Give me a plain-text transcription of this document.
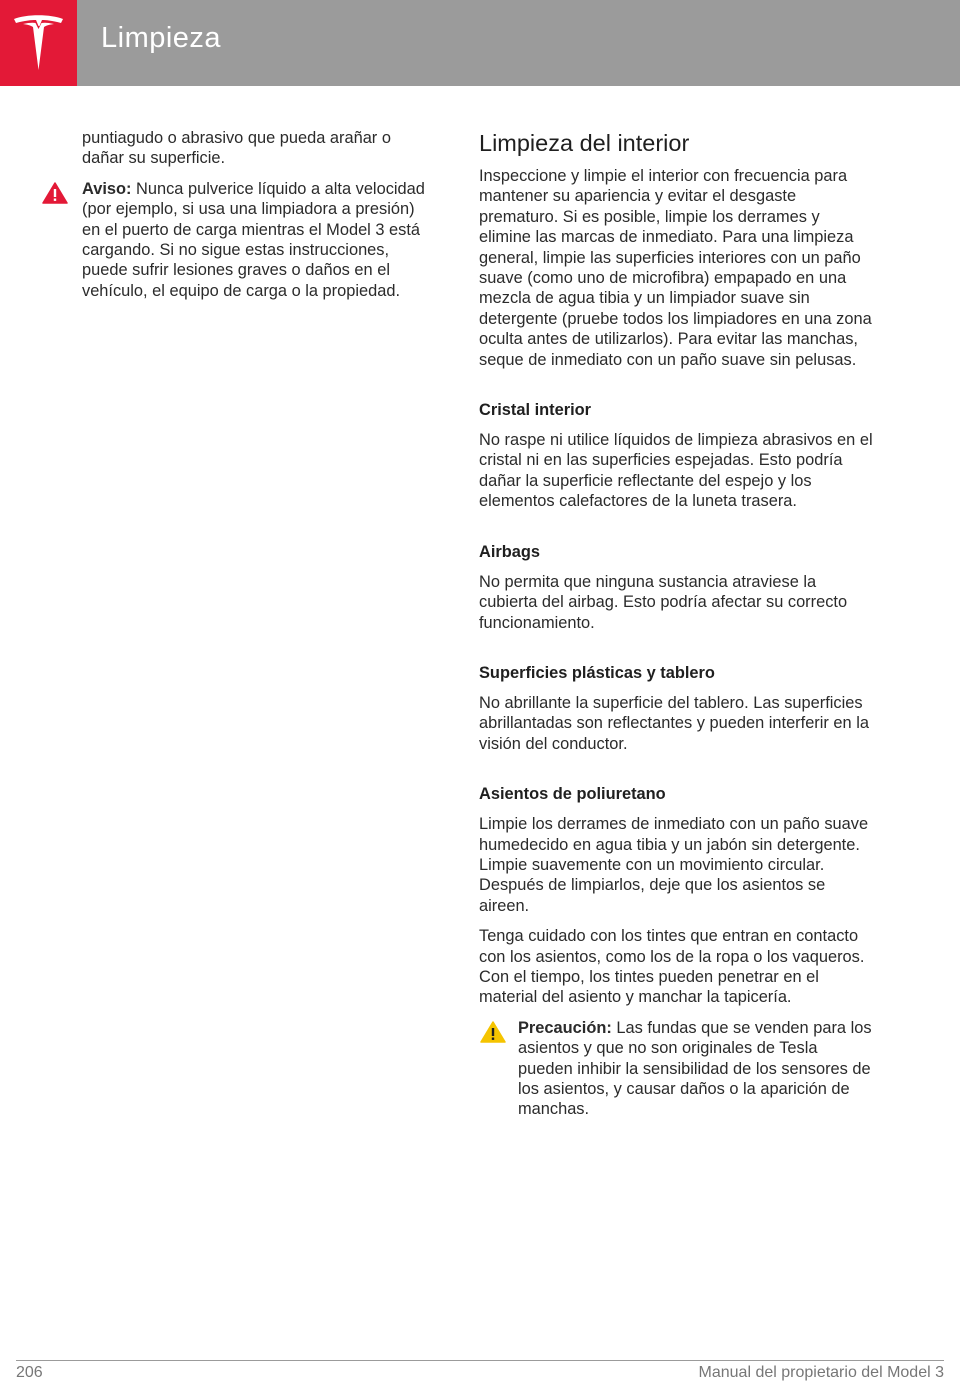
Limpieza

puntiagudo o abrasivo que pueda arañar o dañar su superficie.

Aviso: Nunca pulverice líquido a alta velocidad (por ejemplo, si usa una limpiadora a presión) en el puerto de carga mientras el Model 3 está cargando. Si no sigue estas instrucciones, puede sufrir lesiones graves o daños en el vehículo, el equipo de carga o la propiedad.

Limpieza del interior

Inspeccione y limpie el interior con frecuencia para mantener su apariencia y evitar el desgaste prematuro. Si es posible, limpie los derrames y elimine las marcas de inmediato. Para una limpieza general, limpie las superficies interiores con un paño suave (como uno de microfibra) empapado en una mezcla de agua tibia y un limpiador suave sin detergente (pruebe todos los limpiadores en una zona oculta antes de utilizarlos). Para evitar las manchas, seque de inmediato con un paño suave sin pelusas.

Cristal interior

No raspe ni utilice líquidos de limpieza abrasivos en el cristal ni en las superficies espejadas. Esto podría dañar la superficie reflectante del espejo y los elementos calefactores de la luneta trasera.

Airbags

No permita que ninguna sustancia atraviese la cubierta del airbag. Esto podría afectar su correcto funcionamiento.

Superficies plásticas y tablero

No abrillante la superficie del tablero. Las superficies abrillantadas son reflectantes y pueden interferir en la visión del conductor.

Asientos de poliuretano

Limpie los derrames de inmediato con un paño suave humedecido en agua tibia y un jabón sin detergente. Limpie suavemente con un movimiento circular. Después de limpiarlos, deje que los asientos se aireen.

Tenga cuidado con los tintes que entran en contacto con los asientos, como los de la ropa o los vaqueros. Con el tiempo, los tintes pueden penetrar en el material del asiento y manchar la tapicería.

Precaución: Las fundas que se venden para los asientos y que no son originales de Tesla pueden inhibir la sensibilidad de los sensores de los asientos, y causar daños o la aparición de manchas.

206	Manual del propietario del Model 3
